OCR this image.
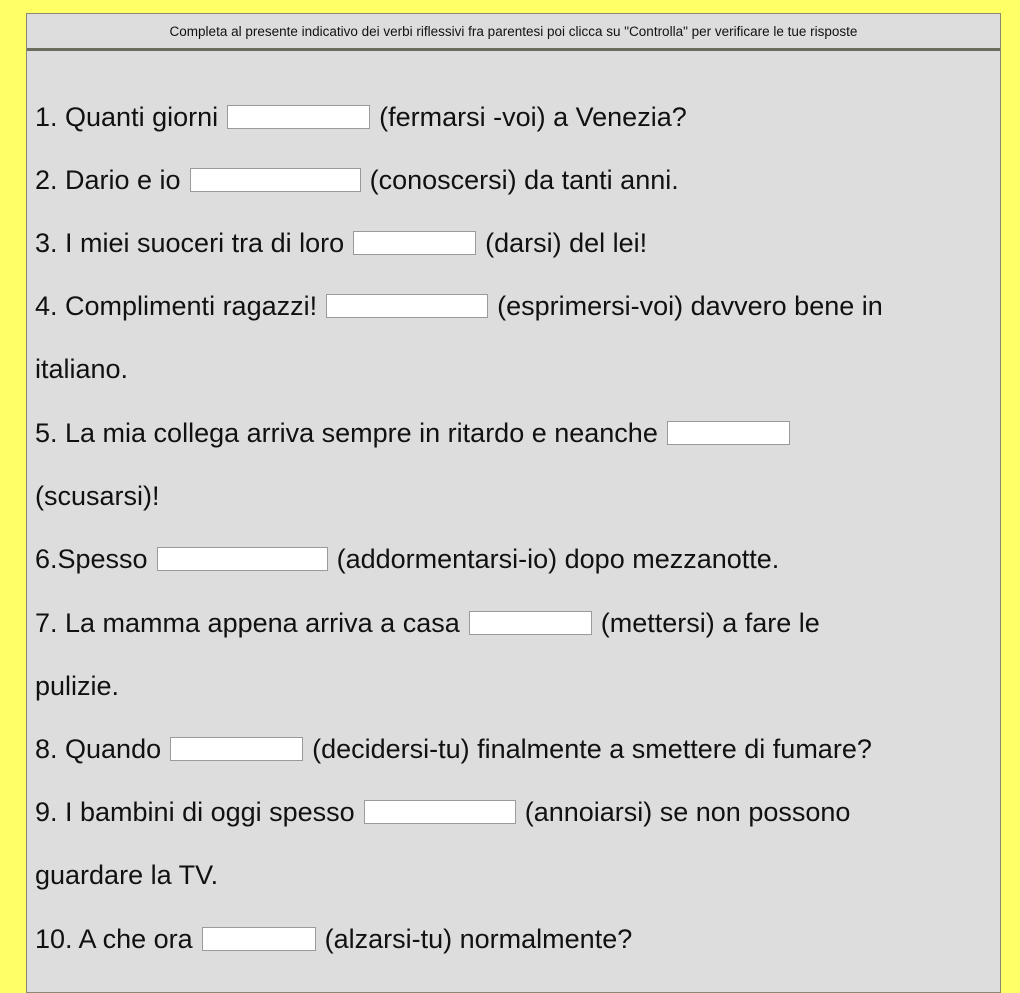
Completa al presente indicativo dei verbi riflessivi fra parentesi poi clicca su "Controlla" per verificare le tue risposte
1. Quanti giorni	(fermarsi -voi) a Venezia?
2. Dario e io	(conoscersi) da tanti anni.
3. I miei suoceri tra di loro	(darsi) del lei!
4. Complimenti ragazzi!	(esprimersi-voi) davvero bene in
italiano.
5. La mia collega arriva sempre in ritardo e neanche
(scusarsi)!
6.Spesso	(addormentarsi-io) dopo mezzanotte.
7. La mamma appena arriva a casa	(mettersi) a fare le
pulizie.
8. Quando	(decidersi-tu) finalmente a smettere di fumare?
9. I bambini di oggi spesso	(annoiarsi) se non possono
guardare la TV.
10. A che ora	(alzarsi-tu) normalmente?
